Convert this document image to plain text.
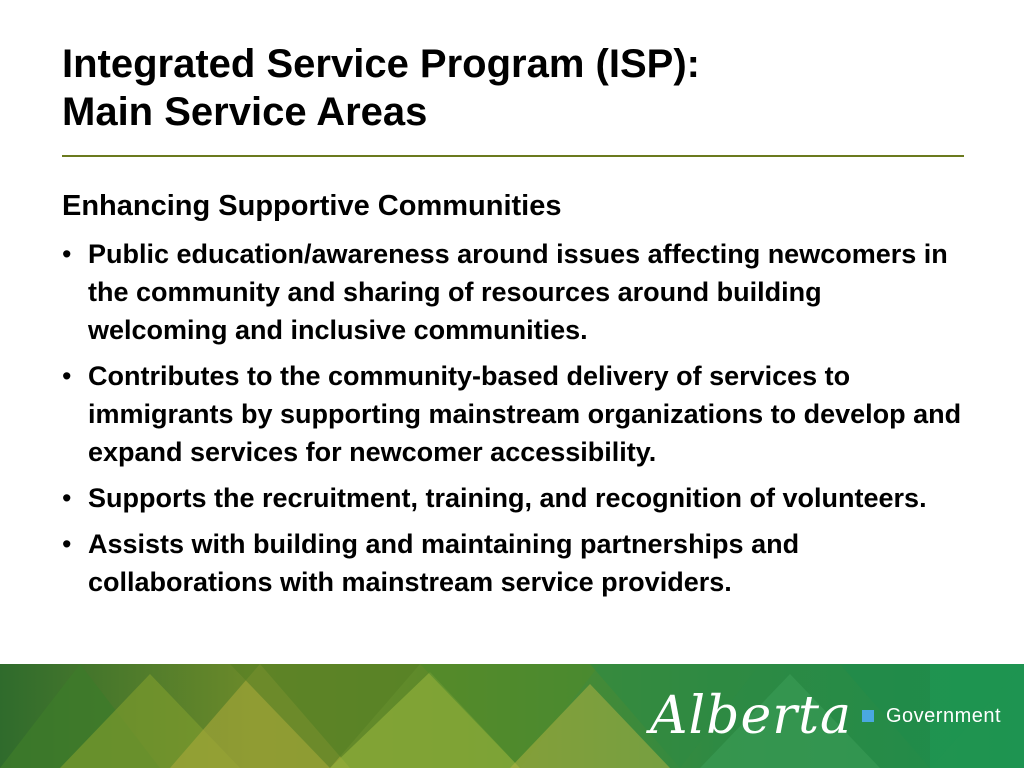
Integrated Service Program (ISP):
Main Service Areas
Enhancing Supportive Communities
• Public education/awareness around issues affecting newcomers in the community and sharing of resources around building welcoming and inclusive communities.
• Contributes to the community-based delivery of services to immigrants by supporting mainstream organizations to develop and expand services for newcomer accessibility.
• Supports the recruitment, training, and recognition of volunteers.
• Assists with building and maintaining partnerships and collaborations with mainstream service providers.
Alberta Government
